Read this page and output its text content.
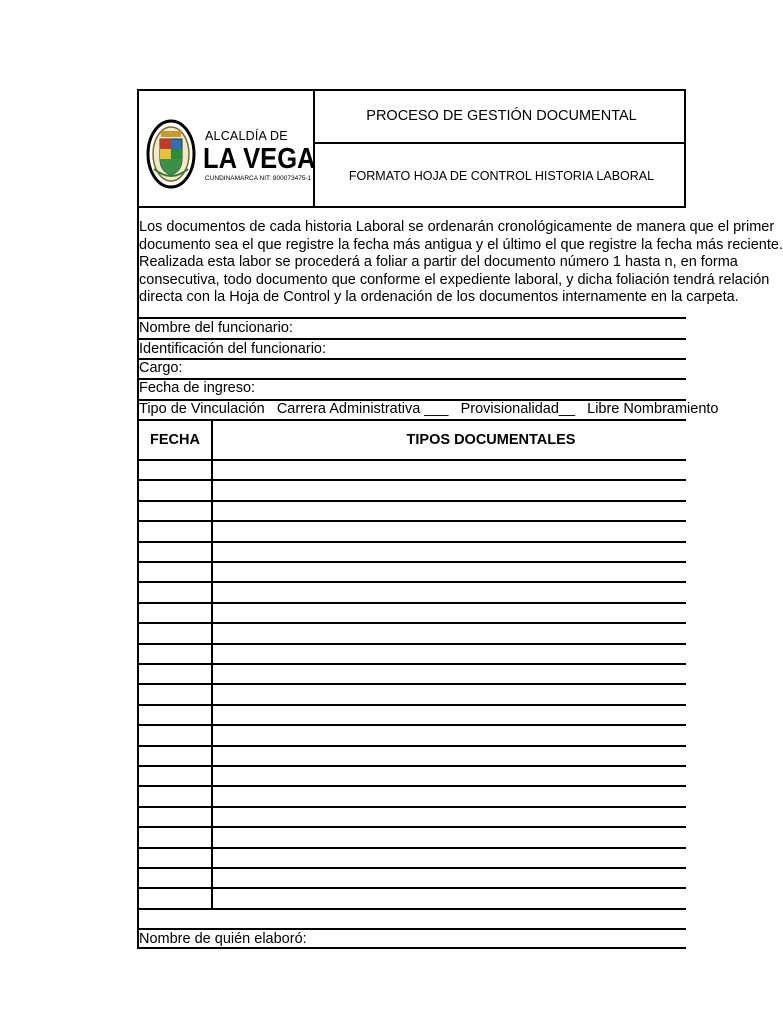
ALCALDÍA DE
LA VEGA
CUNDINAMARCA NIT: 800073475-1
PROCESO DE GESTIÓN DOCUMENTAL
FORMATO HOJA DE CONTROL HISTORIA LABORAL
Los documentos de cada historia Laboral se ordenarán cronológicamente de manera que el primer
documento sea el que registre la fecha más antigua y el último el que registre la fecha más reciente.
Realizada esta labor se procederá a foliar a partir del documento número 1 hasta n, en forma
consecutiva, todo documento que conforme el expediente laboral, y dicha foliación tendrá relación
directa con la Hoja de Control y la ordenación de los documentos internamente en la carpeta.
Nombre del funcionario:
Identificación del funcionario:
Cargo:
Fecha de ingreso:
Tipo de Vinculación   Carrera Administrativa ___   Provisionalidad__   Libre Nombramiento
FECHA	TIPOS DOCUMENTALES
Nombre de quién elaboró:
